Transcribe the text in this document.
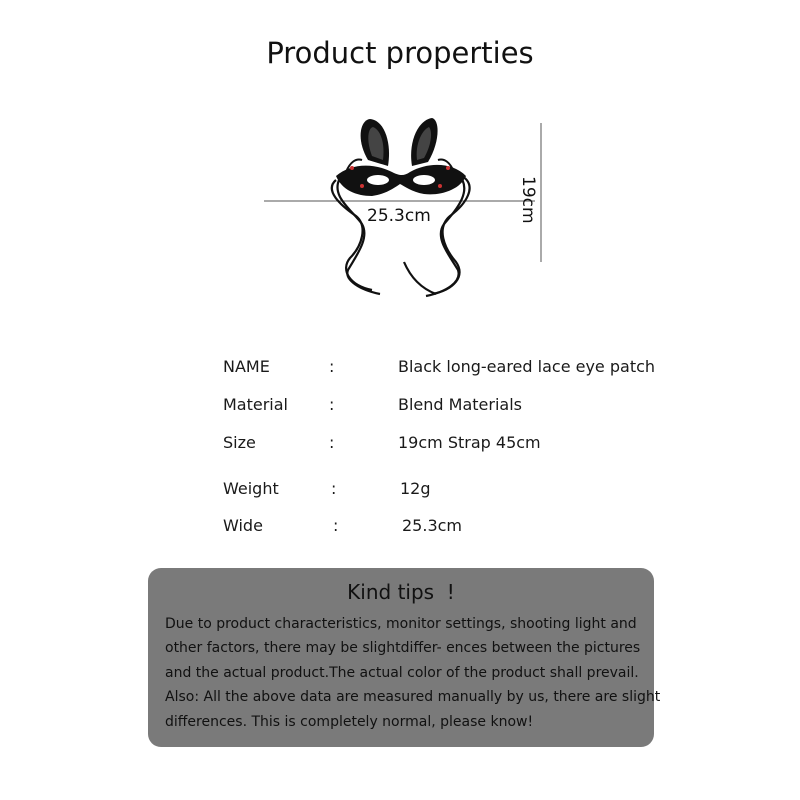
Product properties
25.3cm	19cm
NAME	:	Black long-eared lace eye patch
Material	:	Blend Materials
Size	:	19cm Strap 45cm
Weight	:	12g
Wide	:	25.3cm
Kind tips  !
Due to product characteristics, monitor settings, shooting light and
other factors, there may be slightdiffer- ences between the pictures
and the actual product.The actual color of the product shall prevail.
Also: All the above data are measured manually by us, there are slight
differences. This is completely normal, please know!
